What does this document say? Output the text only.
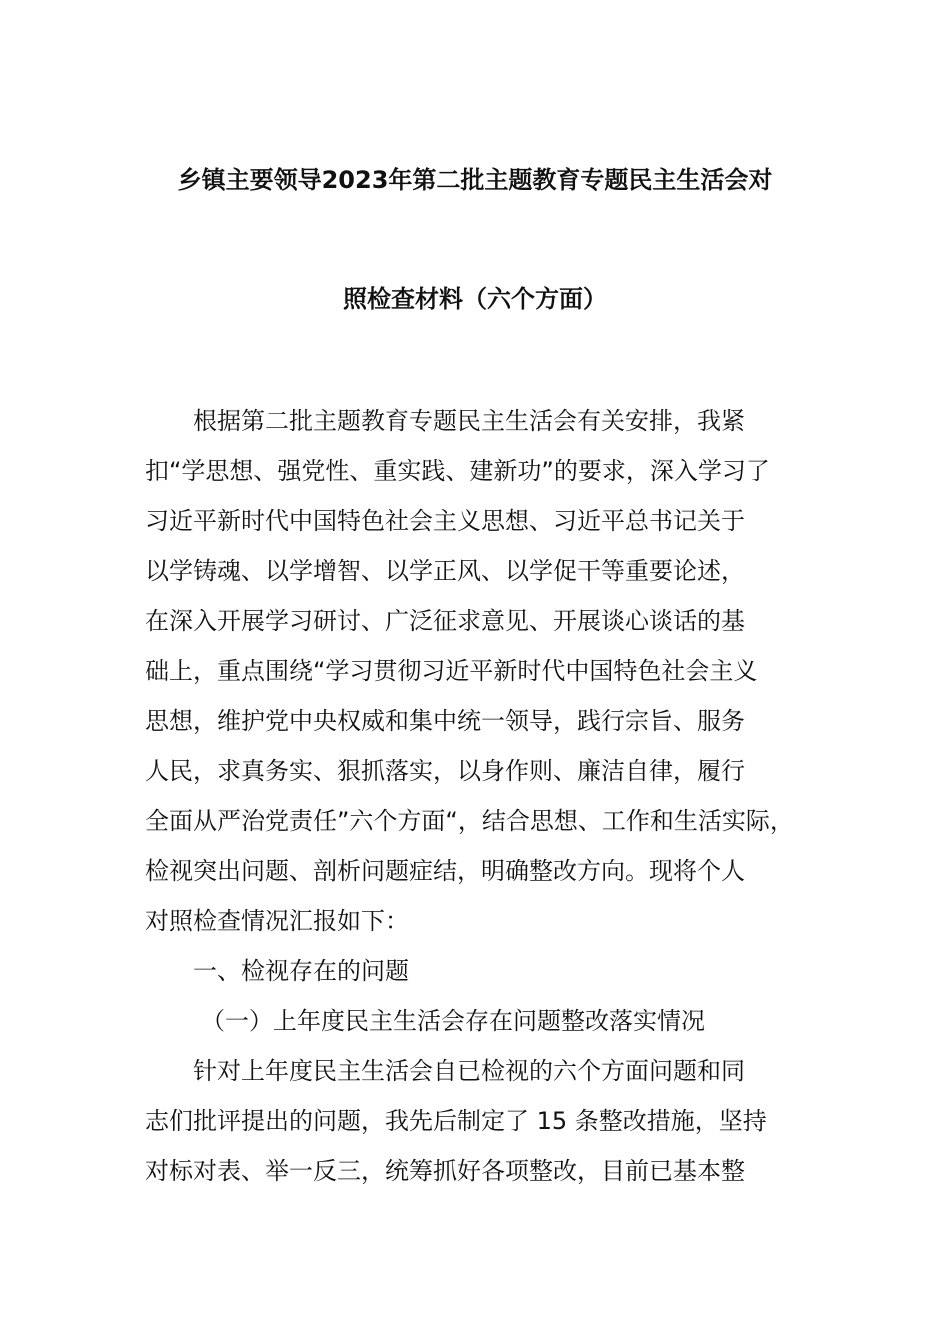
乡镇主要领导2023年第二批主题教育专题民主生活会对
照检查材料（六个方面）
根据第二批主题教育专题民主生活会有关安排，我紧
扣“学思想、强党性、重实践、建新功”的要求，深入学习了
习近平新时代中国特色社会主义思想、习近平总书记关于
以学铸魂、以学增智、以学正风、以学促干等重要论述，
在深入开展学习研讨、广泛征求意见、开展谈心谈话的基
础上，重点围绕“学习贯彻习近平新时代中国特色社会主义
思想，维护党中央权威和集中统一领导，践行宗旨、服务
人民，求真务实、狠抓落实，以身作则、廉洁自律，履行
全面从严治党责任”六个方面“，结合思想、工作和生活实际，
检视突出问题、剖析问题症结，明确整改方向。现将个人
对照检查情况汇报如下：
一、检视存在的问题
（一）上年度民主生活会存在问题整改落实情况
针对上年度民主生活会自已检视的六个方面问题和同
志们批评提出的问题，我先后制定了 15 条整改措施，坚持
对标对表、举一反三，统筹抓好各项整改，目前已基本整
